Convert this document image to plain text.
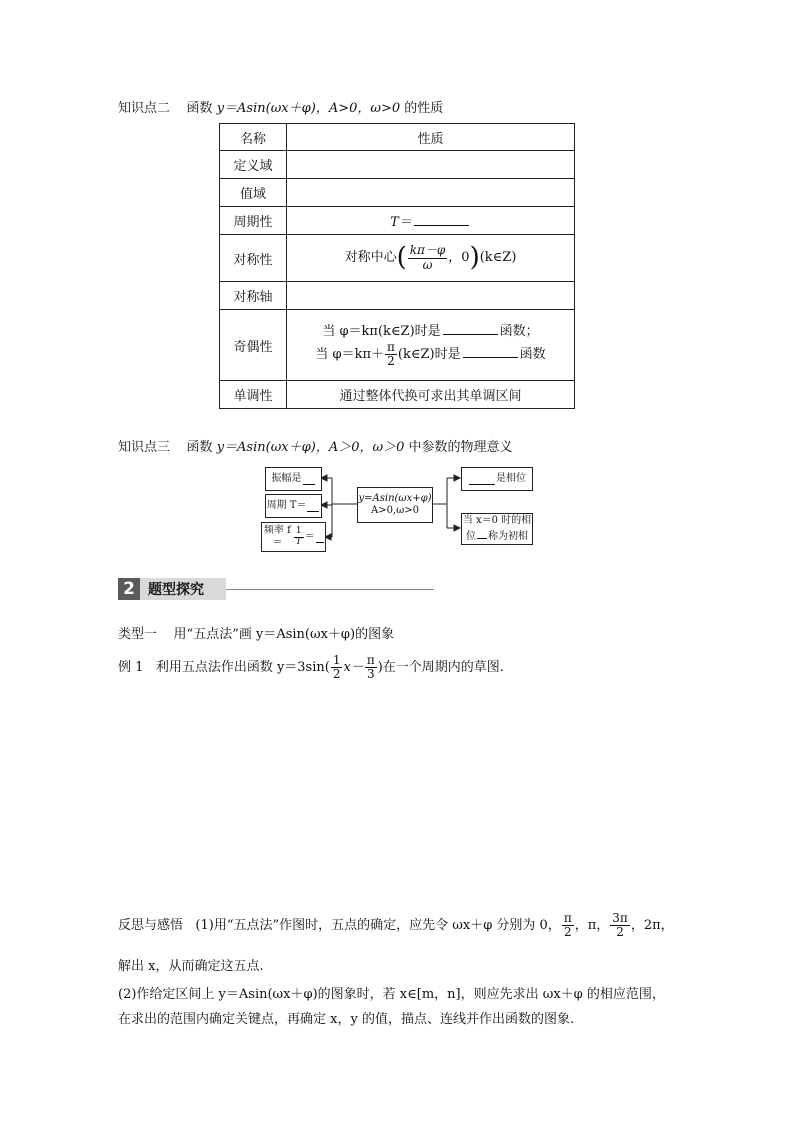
知识点二 函数 y＝Asin(ωx＋φ)，A>0，ω>0 的性质
名称	性质
定义域	
值域	
周期性	T＝
对称性	对称中心( $\frac{k\pi-\varphi}{\omega}$ ，0)(k∈Z)
对称轴	
奇偶性	当 φ＝kπ(k∈Z)时是 函数；
当 $\varphi=k\pi+ \frac{\pi}{2}$ (k∈Z)时是 函数

单调性	通过整体代换可求出其单调区间
知识点三 函数 y＝Asin(ωx＋φ)，A＞0，ω＞0 中参数的物理意义
y=Asin(ωx+φ)
A>0,ω>0
振幅是
周期 T＝
频率 f＝	$\frac{1}{T}$ ＝
是相位
当 x＝0 时的相
位 称为初相
2 题型探究
类型一 用“五点法”画 y＝Asin(ωx＋φ)的图象
例 1 利用五点法作出函数 $y=3\sin( \frac{1}{2} x- \frac{\pi}{3}$ )在一个周期内的草图.
反思与感悟 (1)用“五点法”作图时，五点的确定，应先令 ωx＋φ 分别为 0， $\frac{\pi}{2}$ ，π， $\frac{3\pi}{2}$ ，2π，
解出 x，从而确定这五点.
(2)作给定区间上 y＝Asin(ωx＋φ)的图象时，若 x∈[m，n]，则应先求出 ωx＋φ 的相应范围，
在求出的范围内确定关键点，再确定 x，y 的值，描点、连线并作出函数的图象.
